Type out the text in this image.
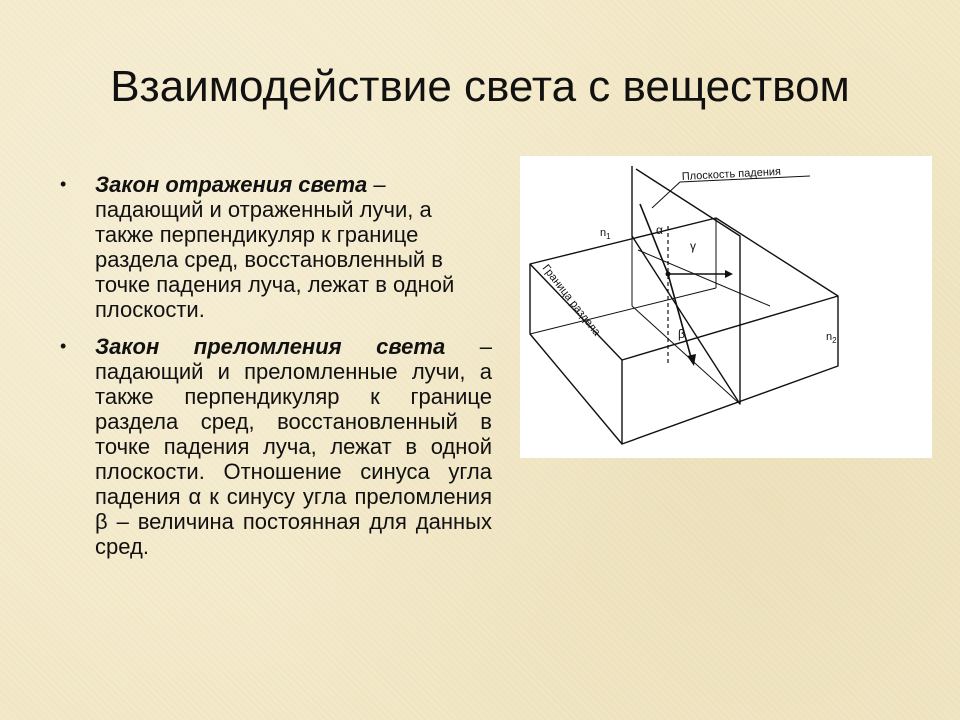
Взаимодействие света с веществом
• Закон отражения света – падающий и отраженный лучи, а также перпендикуляр к границе раздела сред, восстановленный в точке падения луча, лежат в одной плоскости.
• Закон преломления света – падающий и преломленные лучи, а также перпендикуляр к границе раздела сред, восстановленный в точке падения луча, лежат в одной плоскости. Отношение синуса угла падения α к синусу угла преломления β – величина постоянная для данных сред.
Плоскость падения
Граница раздела
$n_1$
$n_2$
α
γ
β
